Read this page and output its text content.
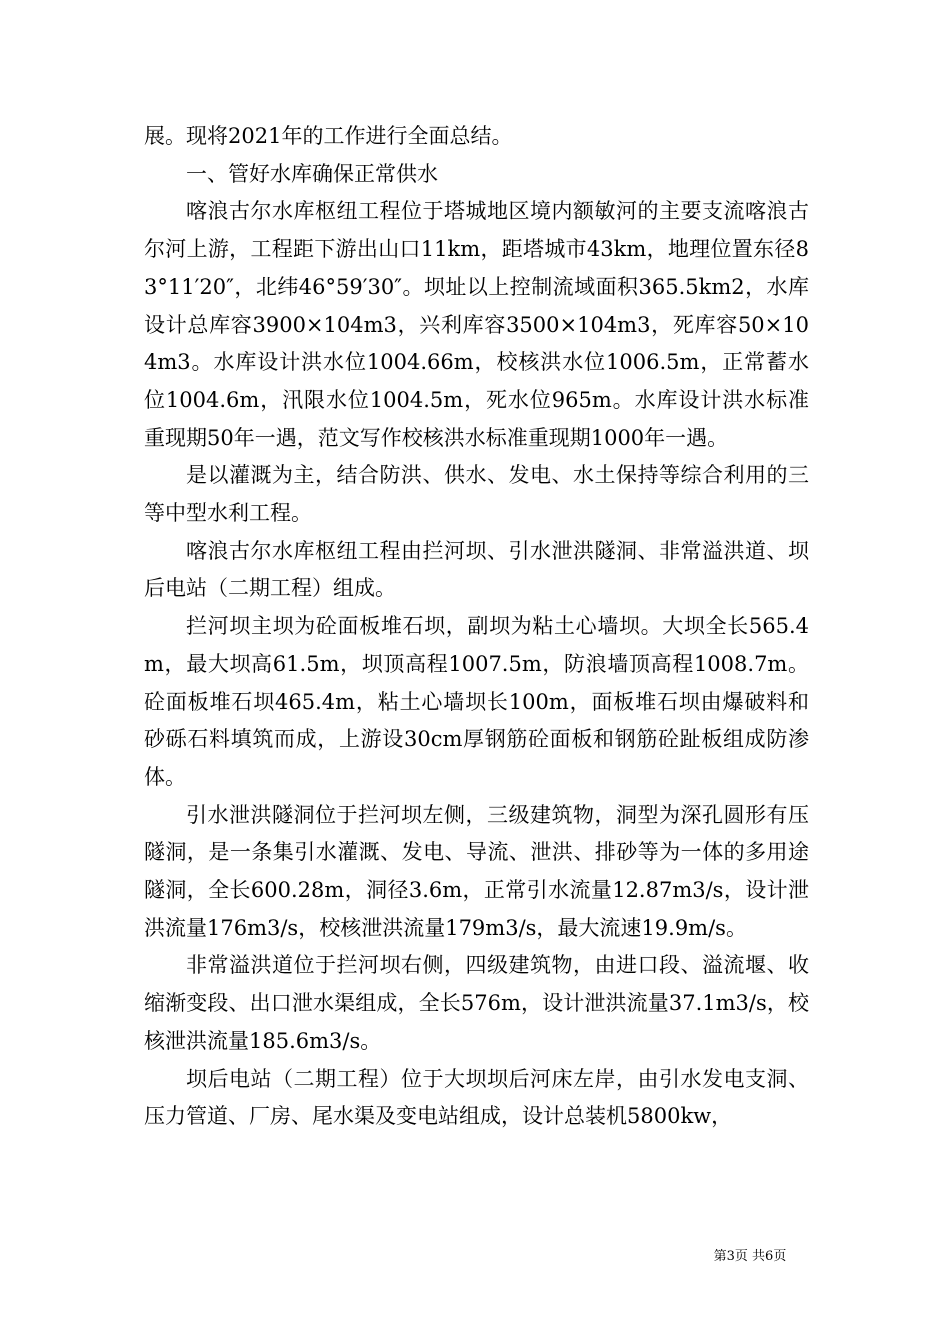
展。现将2021年的工作进行全面总结。

一、管好水库确保正常供水

喀浪古尔水库枢纽工程位于塔城地区境内额敏河的主要支流喀浪古尔河上游，工程距下游出山口11km，距塔城市43km，地理位置东径83°11′20″，北纬46°59′30″。坝址以上控制流域面积365.5km2，水库设计总库容3900×104m3，兴利库容3500×104m3，死库容50×104m3。水库设计洪水位1004.66m，校核洪水位1006.5m，正常蓄水位1004.6m，汛限水位1004.5m，死水位965m。水库设计洪水标准重现期50年一遇，范文写作校核洪水标准重现期1000年一遇。

是以灌溉为主，结合防洪、供水、发电、水土保持等综合利用的三等中型水利工程。

喀浪古尔水库枢纽工程由拦河坝、引水泄洪隧洞、非常溢洪道、坝后电站（二期工程）组成。

拦河坝主坝为砼面板堆石坝，副坝为粘土心墙坝。大坝全长565.4m，最大坝高61.5m，坝顶高程1007.5m，防浪墙顶高程1008.7m。砼面板堆石坝465.4m，粘土心墙坝长100m，面板堆石坝由爆破料和砂砾石料填筑而成，上游设30cm厚钢筋砼面板和钢筋砼趾板组成防渗体。

引水泄洪隧洞位于拦河坝左侧，三级建筑物，洞型为深孔圆形有压隧洞，是一条集引水灌溉、发电、导流、泄洪、排砂等为一体的多用途隧洞，全长600.28m，洞径3.6m，正常引水流量12.87m3/s，设计泄洪流量176m3/s，校核泄洪流量179m3/s，最大流速19.9m/s。

非常溢洪道位于拦河坝右侧，四级建筑物，由进口段、溢流堰、收缩渐变段、出口泄水渠组成，全长576m，设计泄洪流量37.1m3/s，校核泄洪流量185.6m3/s。

坝后电站（二期工程）位于大坝坝后河床左岸，由引水发电支洞、压力管道、厂房、尾水渠及变电站组成，设计总装机5800kw，

第3页 共6页
